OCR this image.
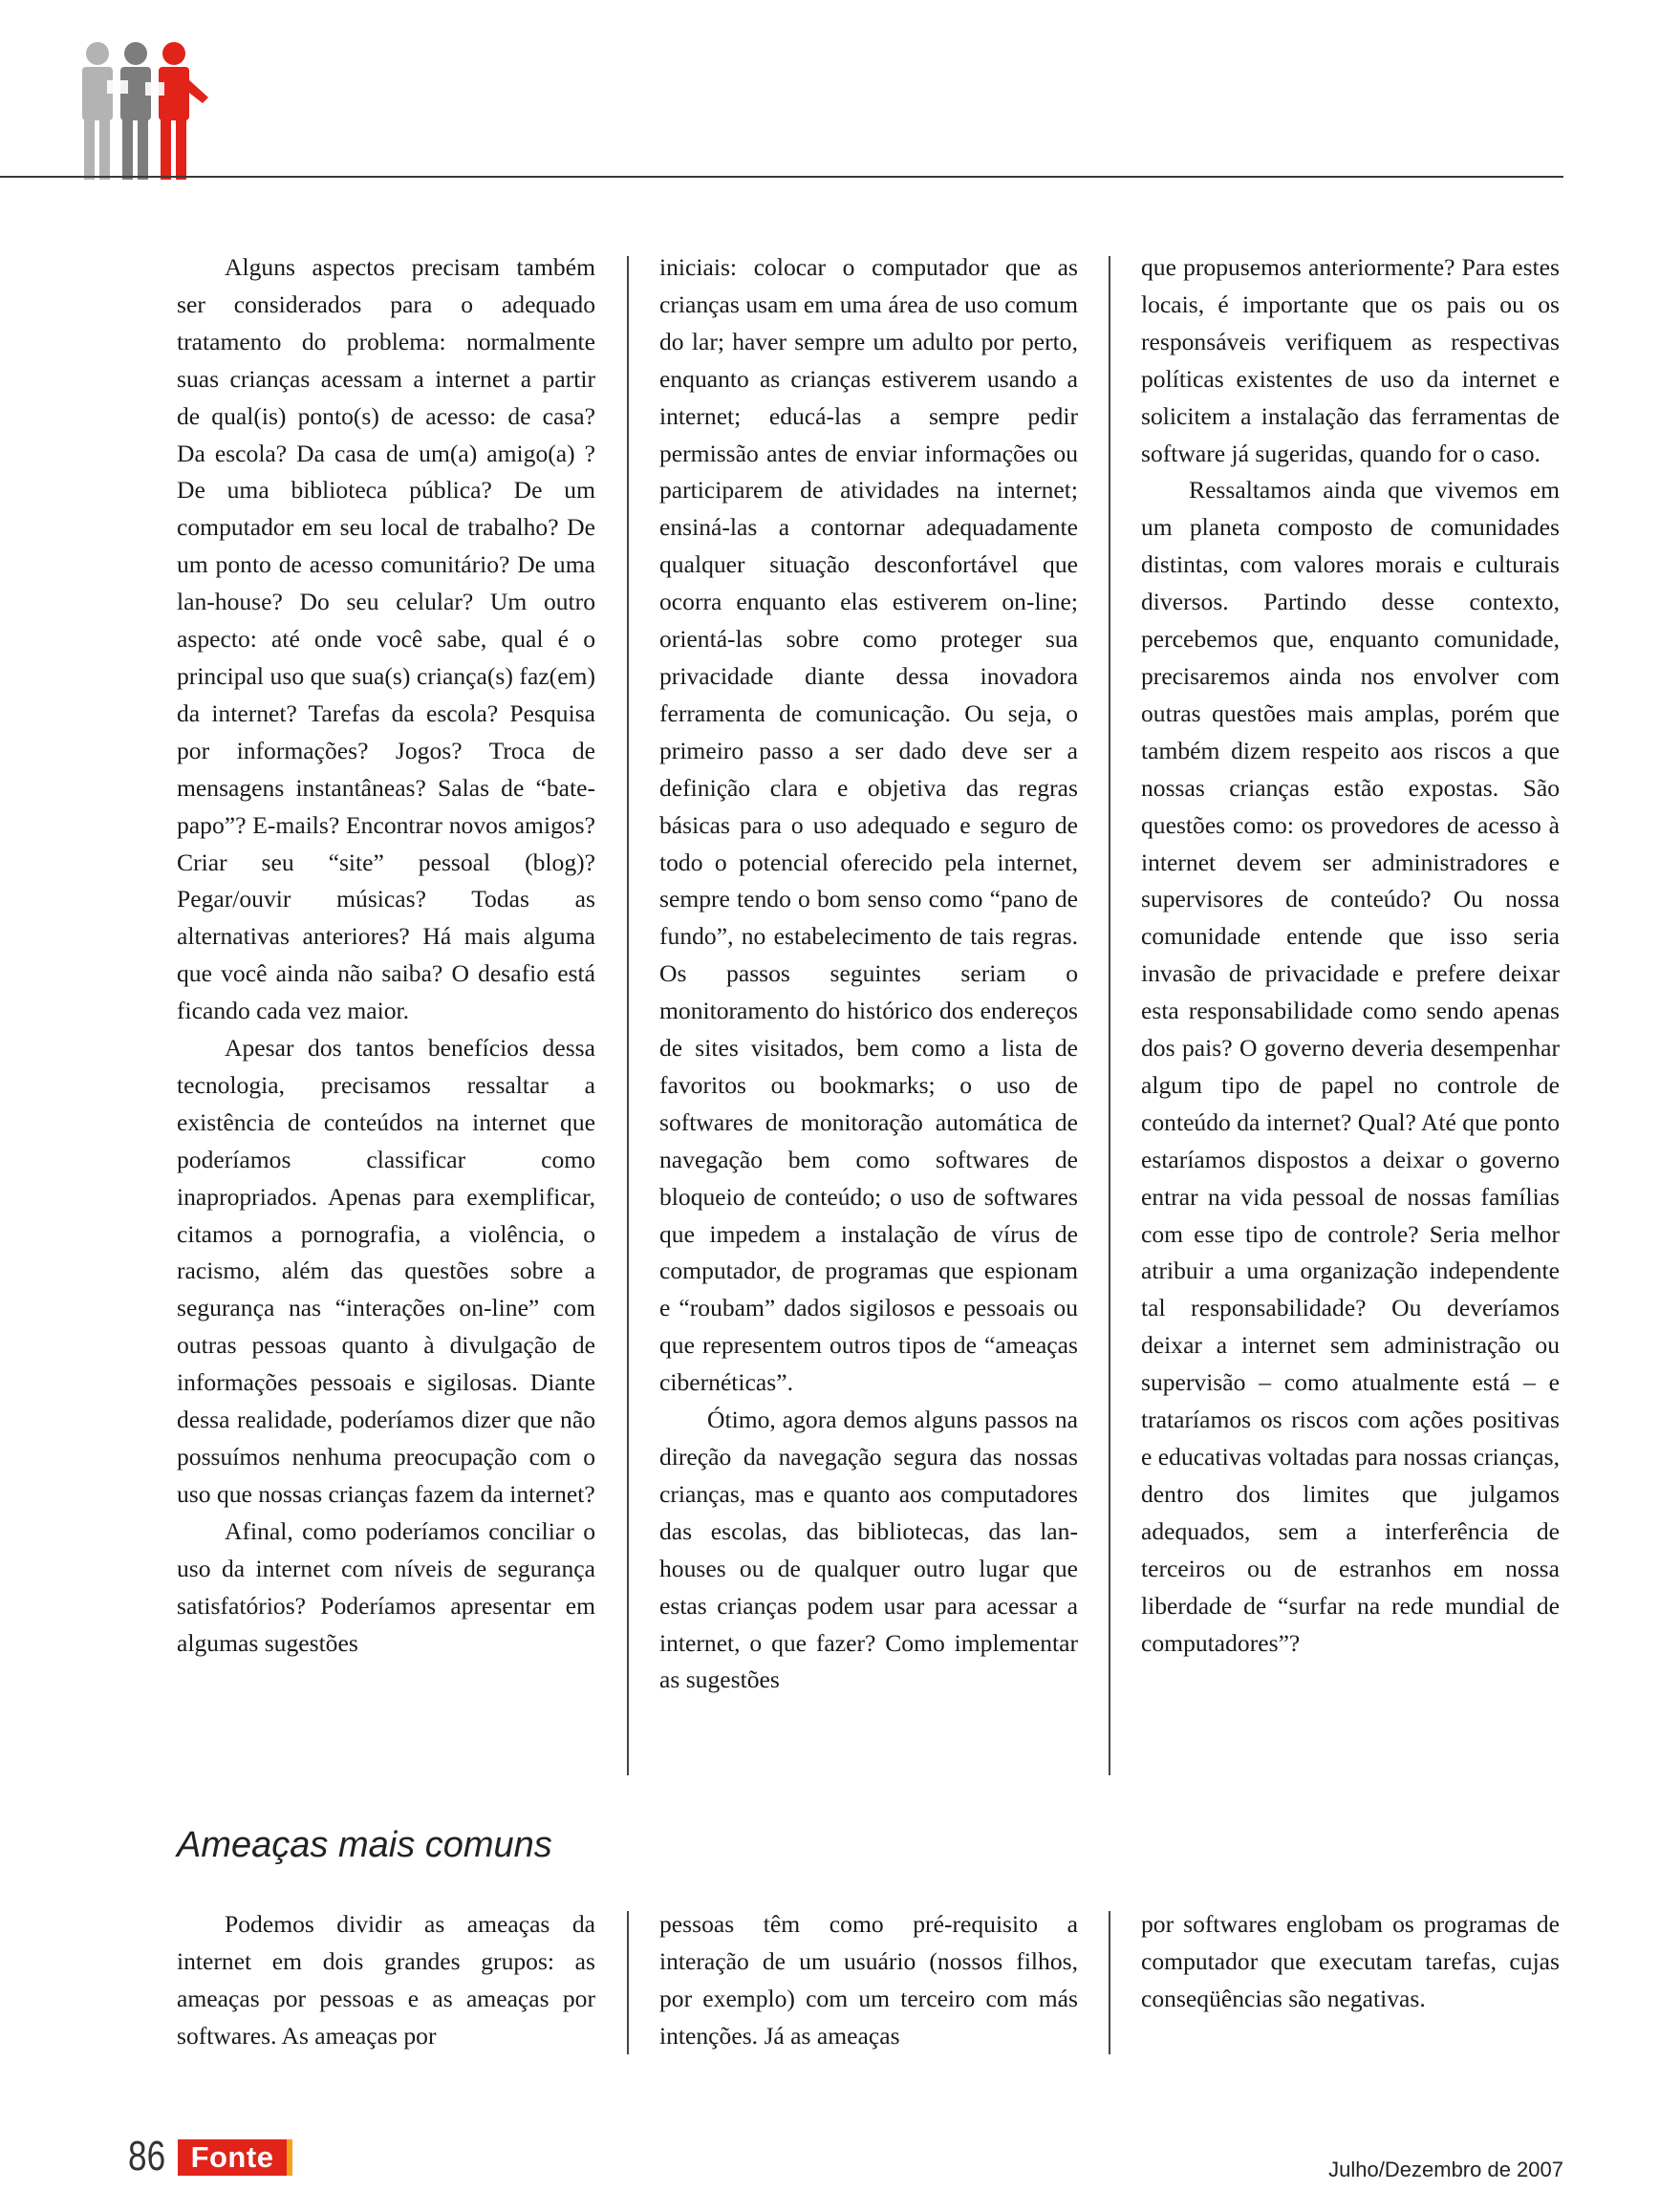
Alguns aspectos precisam também ser considerados para o adequado tratamento do problema: normalmente suas crianças acessam a internet a partir de qual(is) ponto(s) de acesso: de casa? Da escola? Da casa de um(a) amigo(a) ? De uma biblioteca pública? De um computador em seu local de trabalho? De um ponto de acesso comunitário? De uma lan-house? Do seu celular? Um outro aspecto: até onde você sabe, qual é o principal uso que sua(s) criança(s) faz(em) da internet? Tarefas da escola? Pesquisa por informações? Jogos? Troca de mensagens instantâneas? Salas de “bate-papo”? E-mails? Encontrar novos amigos? Criar seu “site” pessoal (blog)? Pegar/ouvir músicas? Todas as alternativas anteriores? Há mais alguma que você ainda não saiba? O desafio está ficando cada vez maior.

Apesar dos tantos benefícios dessa tecnologia, precisamos ressaltar a existência de conteúdos na internet que poderíamos classificar como inapropriados. Apenas para exemplificar, citamos a pornografia, a violência, o racismo, além das questões sobre a segurança nas “interações on-line” com outras pessoas quanto à divulgação de informações pessoais e sigilosas. Diante dessa realidade, poderíamos dizer que não possuímos nenhuma preocupação com o uso que nossas crianças fazem da internet?

Afinal, como poderíamos conciliar o uso da internet com níveis de segurança satisfatórios? Poderíamos apresentar em algumas sugestões

iniciais: colocar o computador que as crianças usam em uma área de uso comum do lar; haver sempre um adulto por perto, enquanto as crianças estiverem usando a internet; educá-las a sempre pedir permissão antes de enviar informações ou participarem de atividades na internet; ensiná-las a contornar adequadamente qualquer situação desconfortável que ocorra enquanto elas estiverem on-line; orientá-las sobre como proteger sua privacidade diante dessa inovadora ferramenta de comunicação. Ou seja, o primeiro passo a ser dado deve ser a definição clara e objetiva das regras básicas para o uso adequado e seguro de todo o potencial oferecido pela internet, sempre tendo o bom senso como “pano de fundo”, no estabelecimento de tais regras. Os passos seguintes seriam o monitoramento do histórico dos endereços de sites visitados, bem como a lista de favoritos ou bookmarks; o uso de softwares de monitoração automática de navegação bem como softwares de bloqueio de conteúdo; o uso de softwares que impedem a instalação de vírus de computador, de programas que espionam e “roubam” dados sigilosos e pessoais ou que representem outros tipos de “ameaças cibernéticas”.

Ótimo, agora demos alguns passos na direção da navegação segura das nossas crianças, mas e quanto aos computadores das escolas, das bibliotecas, das lan-houses ou de qualquer outro lugar que estas crianças podem usar para acessar a internet, o que fazer? Como implementar as sugestões

que propusemos anteriormente? Para estes locais, é importante que os pais ou os responsáveis verifiquem as respectivas políticas existentes de uso da internet e solicitem a instalação das ferramentas de software já sugeridas, quando for o caso.

Ressaltamos ainda que vivemos em um planeta composto de comunidades distintas, com valores morais e culturais diversos. Partindo desse contexto, percebemos que, enquanto comunidade, precisaremos ainda nos envolver com outras questões mais amplas, porém que também dizem respeito aos riscos a que nossas crianças estão expostas. São questões como: os provedores de acesso à internet devem ser administradores e supervisores de conteúdo? Ou nossa comunidade entende que isso seria invasão de privacidade e prefere deixar esta responsabilidade como sendo apenas dos pais? O governo deveria desempenhar algum tipo de papel no controle de conteúdo da internet? Qual? Até que ponto estaríamos dispostos a deixar o governo entrar na vida pessoal de nossas famílias com esse tipo de controle? Seria melhor atribuir a uma organização independente tal responsabilidade? Ou deveríamos deixar a internet sem administração ou supervisão – como atualmente está – e trataríamos os riscos com ações positivas e educativas voltadas para nossas crianças, dentro dos limites que julgamos adequados, sem a interferência de terceiros ou de estranhos em nossa liberdade de “surfar na rede mundial de computadores”?

Ameaças mais comuns

Podemos dividir as ameaças da internet em dois grandes grupos: as ameaças por pessoas e as ameaças por softwares. As ameaças por

pessoas têm como pré-requisito a interação de um usuário (nossos filhos, por exemplo) com um terceiro com más intenções. Já as ameaças

por softwares englobam os programas de computador que executam tarefas, cujas conseqüências são negativas.

86 Fonte	Julho/Dezembro de 2007
